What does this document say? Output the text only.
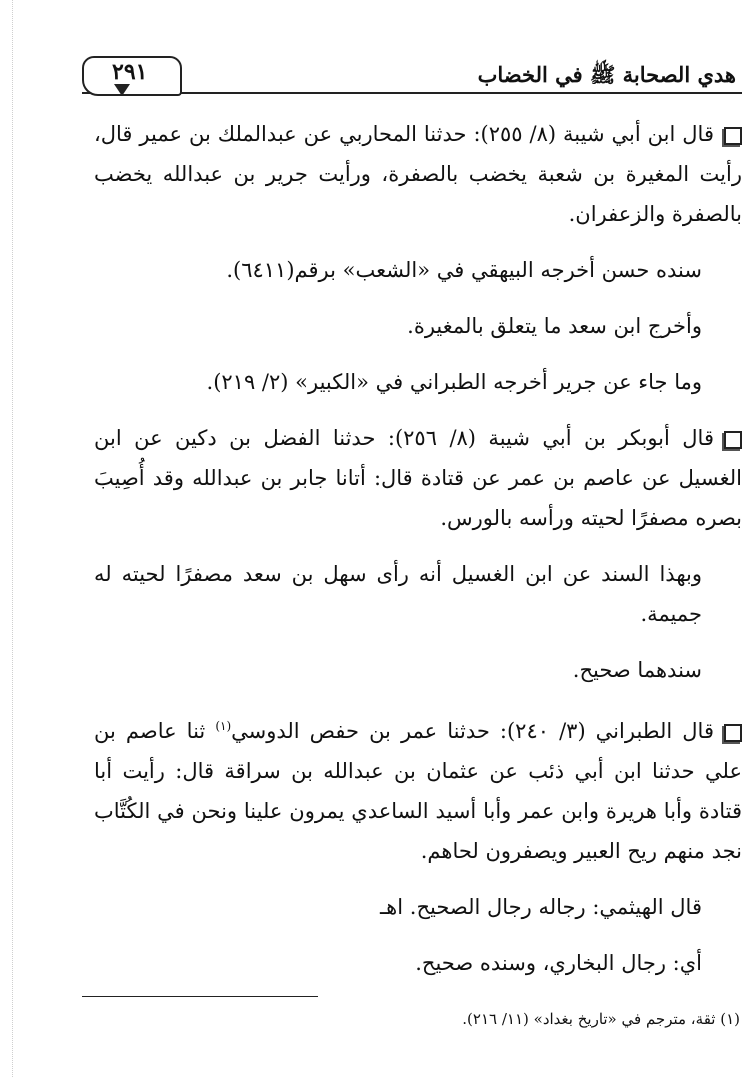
هدي الصحابة ﷺ في الخضاب
٢٩١

قال ابن أبي شيبة (٨/ ٢٥٥): حدثنا المحاربي عن عبدالملك بن عمير قال، رأيت المغيرة بن شعبة يخضب بالصفرة، ورأيت جرير بن عبدالله يخضب بالصفرة والزعفران.

سنده حسن أخرجه البيهقي في «الشعب» برقم(٦٤١١).

وأخرج ابن سعد ما يتعلق بالمغيرة.

وما جاء عن جرير أخرجه الطبراني في «الكبير» (٢/ ٢١٩).

قال أبوبكر بن أبي شيبة (٨/ ٢٥٦): حدثنا الفضل بن دكين عن ابن الغسيل عن عاصم بن عمر عن قتادة قال: أتانا جابر بن عبدالله وقد أُصِيبَ بصره مصفرًا لحيته ورأسه بالورس.

وبهذا السند عن ابن الغسيل أنه رأى سهل بن سعد مصفرًا لحيته له جميمة.

سندهما صحيح.

قال الطبراني (٣/ ٢٤٠): حدثنا عمر بن حفص الدوسي$^{(١)}$ ثنا عاصم بن علي حدثنا ابن أبي ذئب عن عثمان بن عبدالله بن سراقة قال: رأيت أبا قتادة وأبا هريرة وابن عمر وأبا أسيد الساعدي يمرون علينا ونحن في الكُتَّاب نجد منهم ريح العبير ويصفرون لحاهم.

قال الهيثمي: رجاله رجال الصحيح. اهـ

أي: رجال البخاري، وسنده صحيح.

(١) ثقة، مترجم في «تاريخ بغداد» (١١/ ٢١٦).
